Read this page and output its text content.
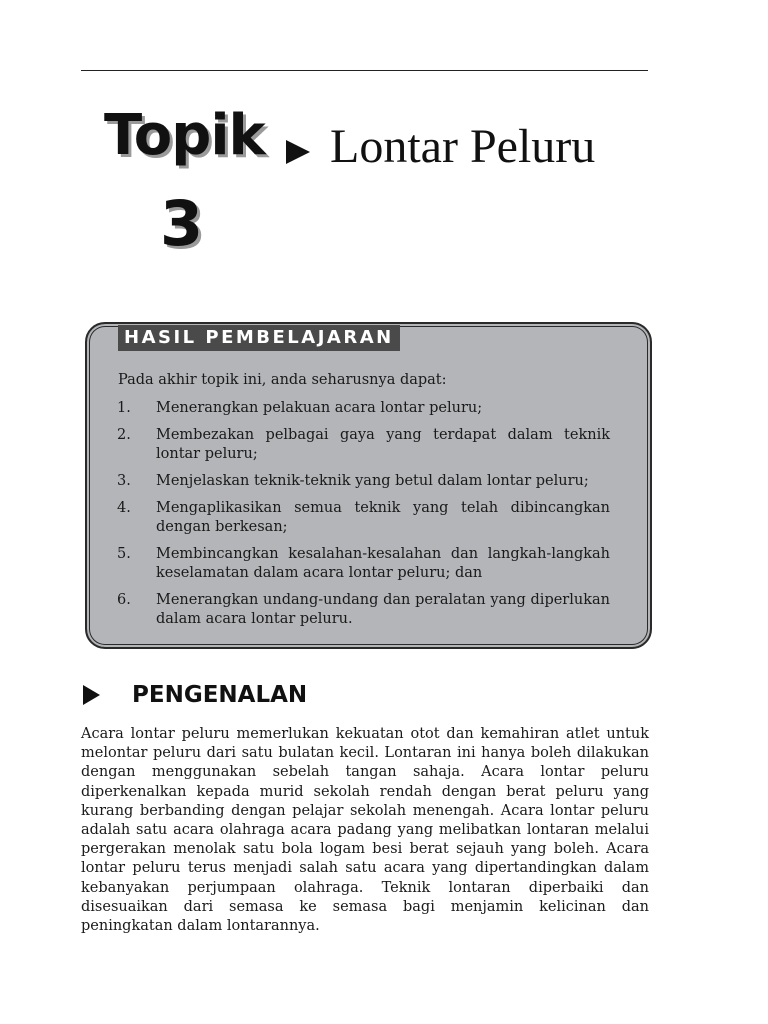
Topik
3
Lontar Peluru
HASIL PEMBELAJARAN
Pada akhir topik ini, anda seharusnya dapat:
1.	Menerangkan pelakuan acara lontar peluru;
2.	Membezakan pelbagai gaya yang terdapat dalam teknik lontar peluru;
3.	Menjelaskan teknik-teknik yang betul dalam lontar peluru;
4.	Mengaplikasikan semua teknik yang telah dibincangkan dengan berkesan;
5.	Membincangkan kesalahan-kesalahan dan langkah-langkah keselamatan dalam acara lontar peluru; dan
6.	Menerangkan undang-undang dan peralatan yang diperlukan dalam acara lontar peluru.
PENGENALAN
Acara lontar peluru memerlukan kekuatan otot dan kemahiran atlet untuk melontar peluru dari satu bulatan kecil. Lontaran ini hanya boleh dilakukan dengan menggunakan sebelah tangan sahaja. Acara lontar peluru diperkenalkan kepada murid sekolah rendah dengan berat peluru yang kurang berbanding dengan pelajar sekolah menengah. Acara lontar peluru adalah satu acara olahraga acara padang yang melibatkan lontaran melalui pergerakan menolak satu bola logam besi berat sejauh yang boleh. Acara lontar peluru terus menjadi salah satu acara yang dipertandingkan dalam kebanyakan perjumpaan olahraga. Teknik lontaran diperbaiki dan disesuaikan dari semasa ke semasa bagi menjamin kelicinan dan peningkatan dalam lontarannya.
